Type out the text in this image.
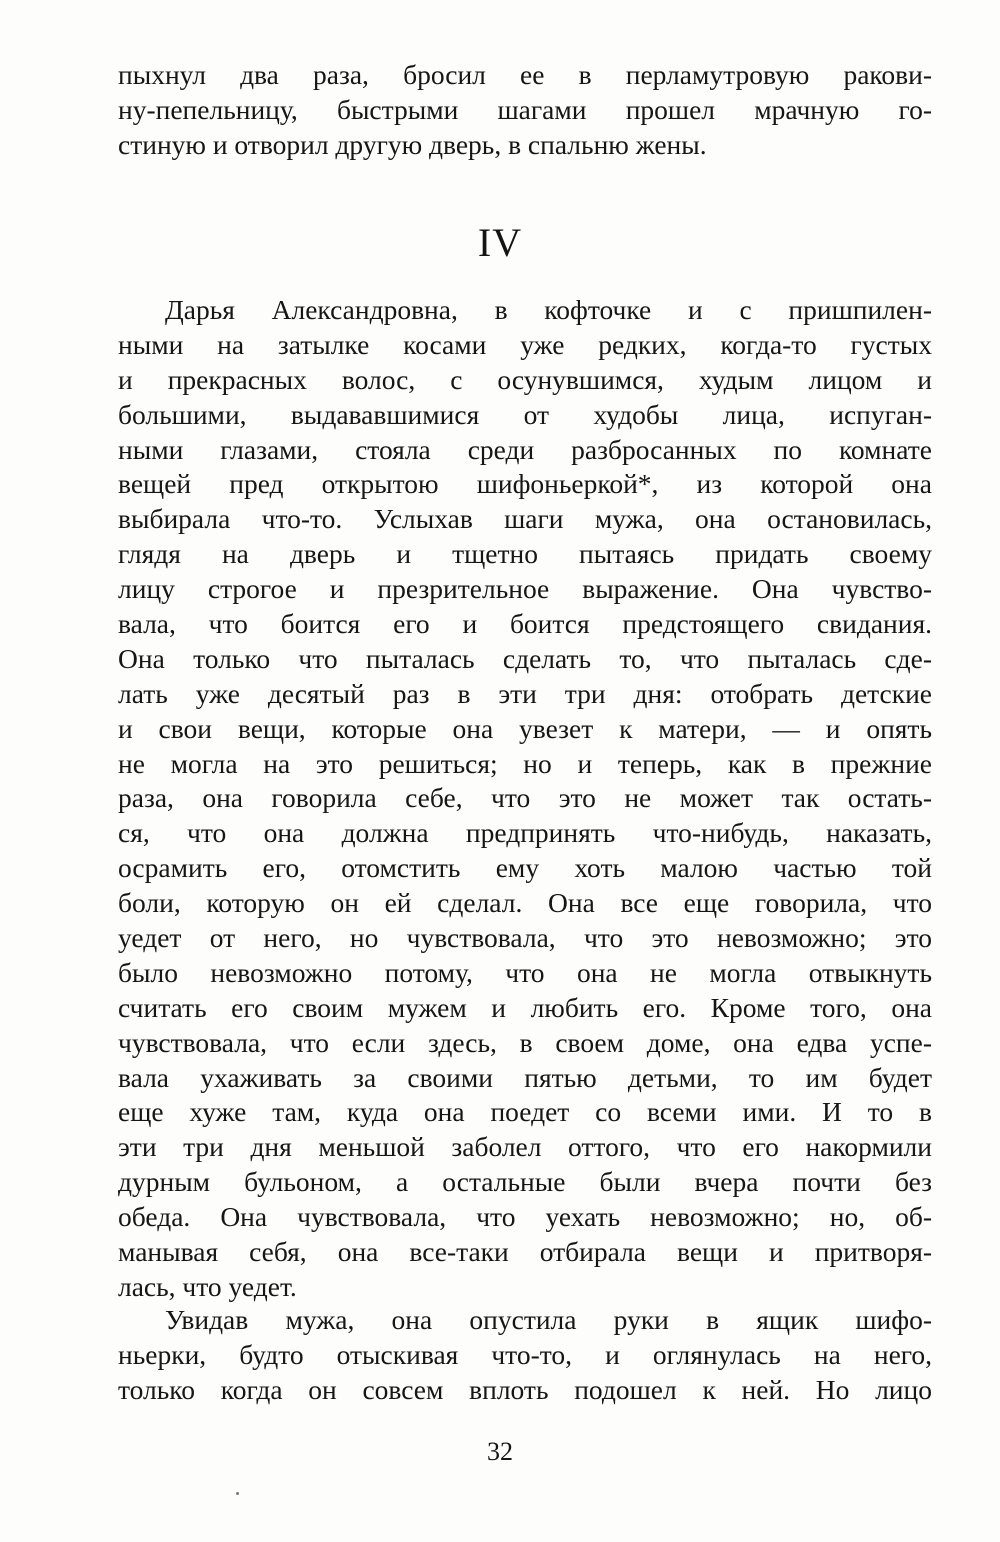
пыхнул два раза, бросил ее в перламутровую ракови-
ну-пепельницу, быстрыми шагами прошел мрачную го-
стиную и отворил другую дверь, в спальню жены.
IV
Дарья Александровна, в кофточке и с пришпилен-
ными на затылке косами уже редких, когда-то густых
и прекрасных волос, с осунувшимся, худым лицом и
большими, выдававшимися от худобы лица, испуган-
ными глазами, стояла среди разбросанных по комнате
вещей пред открытою шифоньеркой*, из которой она
выбирала что-то. Услыхав шаги мужа, она остановилась,
глядя на дверь и тщетно пытаясь придать своему
лицу строгое и презрительное выражение. Она чувство-
вала, что боится его и боится предстоящего свидания.
Она только что пыталась сделать то, что пыталась сде-
лать уже десятый раз в эти три дня: отобрать детские
и свои вещи, которые она увезет к матери, — и опять
не могла на это решиться; но и теперь, как в прежние
раза, она говорила себе, что это не может так остать-
ся, что она должна предпринять что-нибудь, наказать,
осрамить его, отомстить ему хоть малою частью той
боли, которую он ей сделал. Она все еще говорила, что
уедет от него, но чувствовала, что это невозможно; это
было невозможно потому, что она не могла отвыкнуть
считать его своим мужем и любить его. Кроме того, она
чувствовала, что если здесь, в своем доме, она едва успе-
вала ухаживать за своими пятью детьми, то им будет
еще хуже там, куда она поедет со всеми ими. И то в
эти три дня меньшой заболел оттого, что его накормили
дурным бульоном, а остальные были вчера почти без
обеда. Она чувствовала, что уехать невозможно; но, об-
манывая себя, она все-таки отбирала вещи и притворя-
лась, что уедет.
Увидав мужа, она опустила руки в ящик шифо-
ньерки, будто отыскивая что-то, и оглянулась на него,
только когда он совсем вплоть подошел к ней. Но лицо
32
